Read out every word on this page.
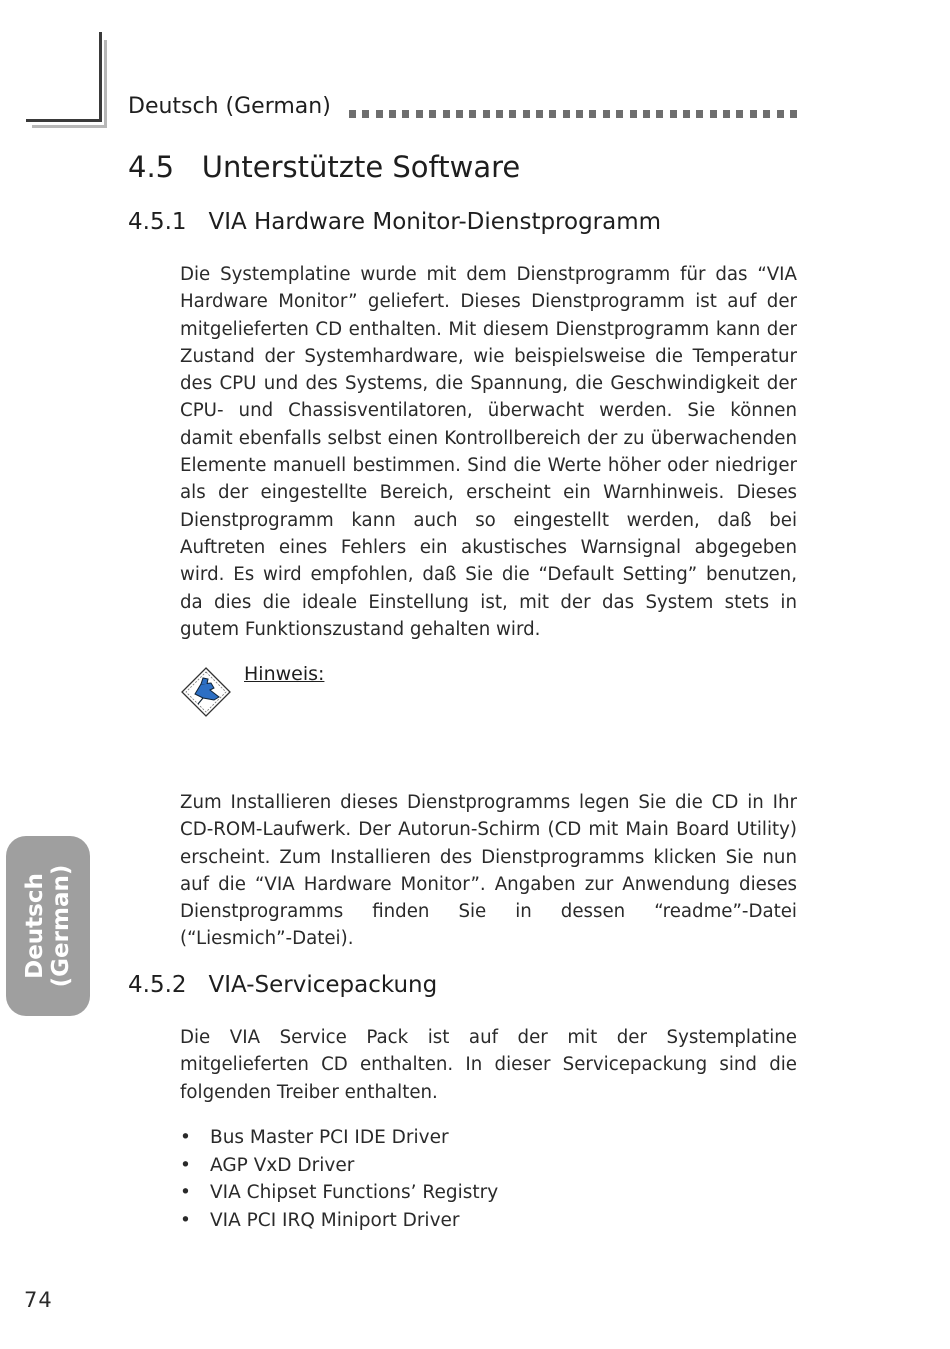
Deutsch (German)
4.5   Unterstützte Software
4.5.1   VIA Hardware Monitor-Dienstprogramm

Die Systemplatine wurde mit dem Dienstprogramm für das “VIA Hardware Monitor” geliefert. Dieses Dienstprogramm ist auf der mitgelieferten CD enthalten. Mit diesem Dienstprogramm kann der Zustand der Systemhardware, wie beispielsweise die Temperatur des CPU und des Systems, die Spannung, die Geschwindigkeit der CPU- und Chassisventilatoren, überwacht werden. Sie können damit ebenfalls selbst einen Kontrollbereich der zu überwachenden Elemente manuell bestimmen. Sind die Werte höher oder niedriger als der eingestellte Bereich, erscheint ein Warnhinweis. Dieses Dienstprogramm kann auch so eingestellt werden, daß bei Auftreten eines Fehlers ein akustisches Warnsignal abgegeben wird. Es wird empfohlen, daß Sie die “Default Setting” benutzen, da dies die ideale Einstellung ist, mit der das System stets in gutem Funktionszustand gehalten wird.

Hinweis:

Zum Installieren dieses Dienstprogramms legen Sie die CD in Ihr CD-ROM-Laufwerk. Der Autorun-Schirm (CD mit Main Board Utility) erscheint. Zum Installieren des Dienstprogramms klicken Sie nun auf die “VIA Hardware Monitor”. Angaben zur Anwendung dieses Dienstprogramms finden Sie in dessen “readme”-Datei (“Liesmich”-Datei).

4.5.2   VIA-Servicepackung

Die VIA Service Pack ist auf der mit der Systemplatine mitgelieferten CD enthalten. In dieser Servicepackung sind die folgenden Treiber enthalten.

• Bus Master PCI IDE Driver
• AGP VxD Driver
• VIA Chipset Functions’ Registry
• VIA PCI IRQ Miniport Driver
Deutsch (German)
74
